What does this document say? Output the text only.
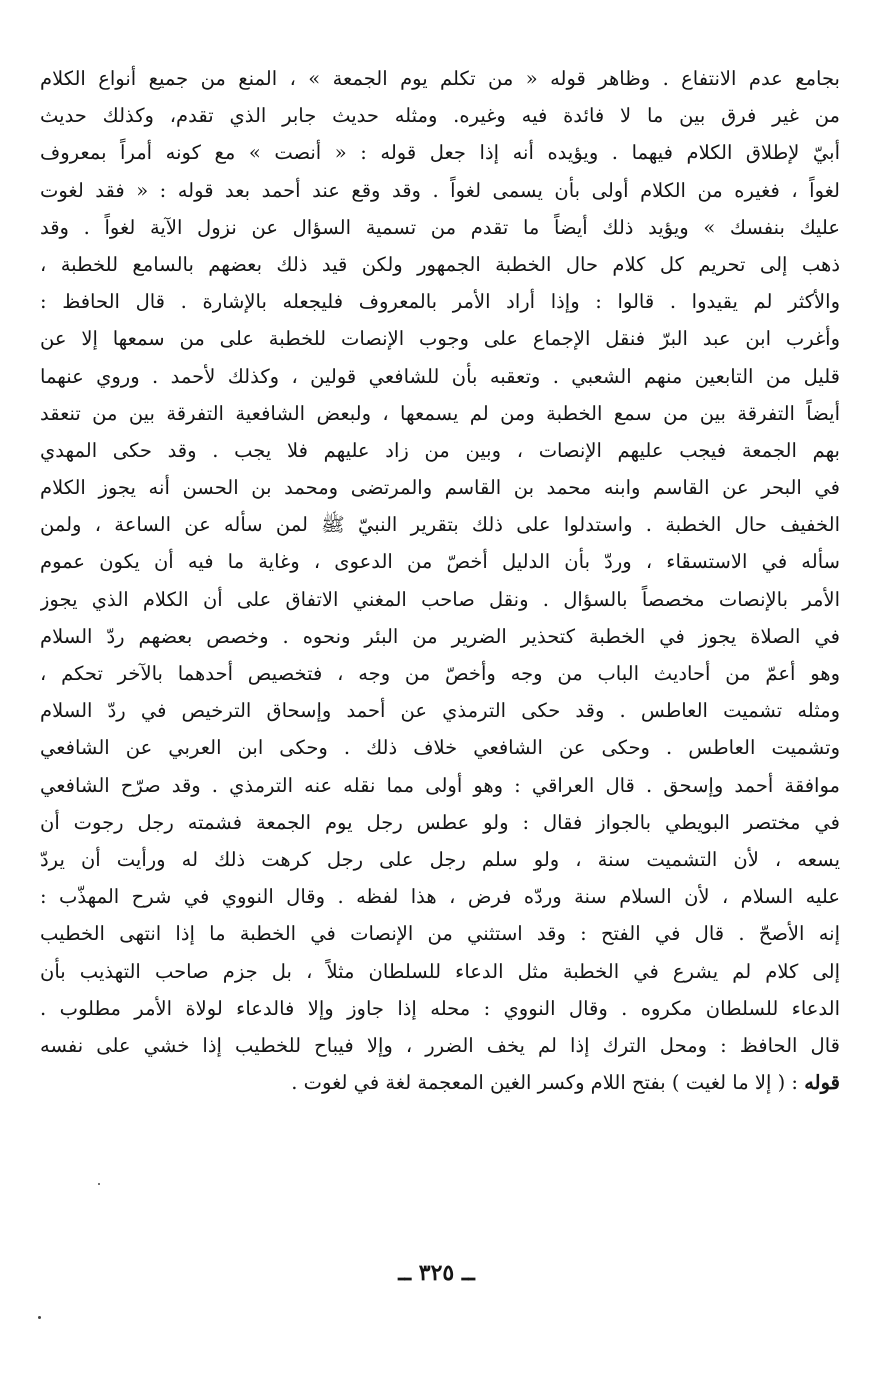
بجامع عدم الانتفاع . وظاهر قوله « من تكلم يوم الجمعة » ، المنع من جميع أنواع الكلام
من غير فرق بين ما لا فائدة فيه وغيره. ومثله حديث جابر الذي تقدم، وكذلك حديث
أبيّ لإطلاق الكلام فيهما . ويؤيده أنه إذا جعل قوله : « أنصت » مع كونه أمراً بمعروف
لغواً ، فغيره من الكلام أولى بأن يسمى لغواً . وقد وقع عند أحمد بعد قوله : « فقد لغوت
عليك بنفسك » ويؤيد ذلك أيضاً ما تقدم من تسمية السؤال عن نزول الآية لغواً . وقد
ذهب إلى تحريم كل كلام حال الخطبة الجمهور ولكن قيد ذلك بعضهم بالسامع للخطبة ،
والأكثر لم يقيدوا . قالوا : وإذا أراد الأمر بالمعروف فليجعله بالإشارة . قال الحافظ :
وأغرب ابن عبد البرّ فنقل الإجماع على وجوب الإنصات للخطبة على من سمعها إلا عن
قليل من التابعين منهم الشعبي . وتعقبه بأن للشافعي قولين ، وكذلك لأحمد . وروي عنهما
أيضاً التفرقة بين من سمع الخطبة ومن لم يسمعها ، ولبعض الشافعية التفرقة بين من تنعقد
بهم الجمعة فيجب عليهم الإنصات ، وبين من زاد عليهم فلا يجب . وقد حكى المهدي
في البحر عن القاسم وابنه محمد بن القاسم والمرتضى ومحمد بن الحسن أنه يجوز الكلام
الخفيف حال الخطبة . واستدلوا على ذلك بتقرير النبيّ ﷺ لمن سأله عن الساعة ، ولمن
سأله في الاستسقاء ، وردّ بأن الدليل أخصّ من الدعوى ، وغاية ما فيه أن يكون عموم
الأمر بالإنصات مخصصاً بالسؤال . ونقل صاحب المغني الاتفاق على أن الكلام الذي يجوز
في الصلاة يجوز في الخطبة كتحذير الضرير من البئر ونحوه . وخصص بعضهم ردّ السلام
وهو أعمّ من أحاديث الباب من وجه وأخصّ من وجه ، فتخصيص أحدهما بالآخر تحكم ،
ومثله تشميت العاطس . وقد حكى الترمذي عن أحمد وإسحاق الترخيص في ردّ السلام
وتشميت العاطس . وحكى عن الشافعي خلاف ذلك . وحكى ابن العربي عن الشافعي
موافقة أحمد وإسحق . قال العراقي : وهو أولى مما نقله عنه الترمذي . وقد صرّح الشافعي
في مختصر البويطي بالجواز فقال : ولو عطس رجل يوم الجمعة فشمته رجل رجوت أن
يسعه ، لأن التشميت سنة ، ولو سلم رجل على رجل كرهت ذلك له ورأيت أن يردّ
عليه السلام ، لأن السلام سنة وردّه فرض ، هذا لفظه . وقال النووي في شرح المهذّب :
إنه الأصحّ . قال في الفتح : وقد استثني من الإنصات في الخطبة ما إذا انتهى الخطيب
إلى كلام لم يشرع في الخطبة مثل الدعاء للسلطان مثلاً ، بل جزم صاحب التهذيب بأن
الدعاء للسلطان مكروه . وقال النووي : محله إذا جاوز وإلا فالدعاء لولاة الأمر مطلوب .
قال الحافظ : ومحل الترك إذا لم يخف الضرر ، وإلا فيباح للخطيب إذا خشي على نفسه
قوله : ( إلا ما لغيت ) بفتح اللام وكسر الغين المعجمة لغة في لغوت .
ــ ٣٢٥ ــ
